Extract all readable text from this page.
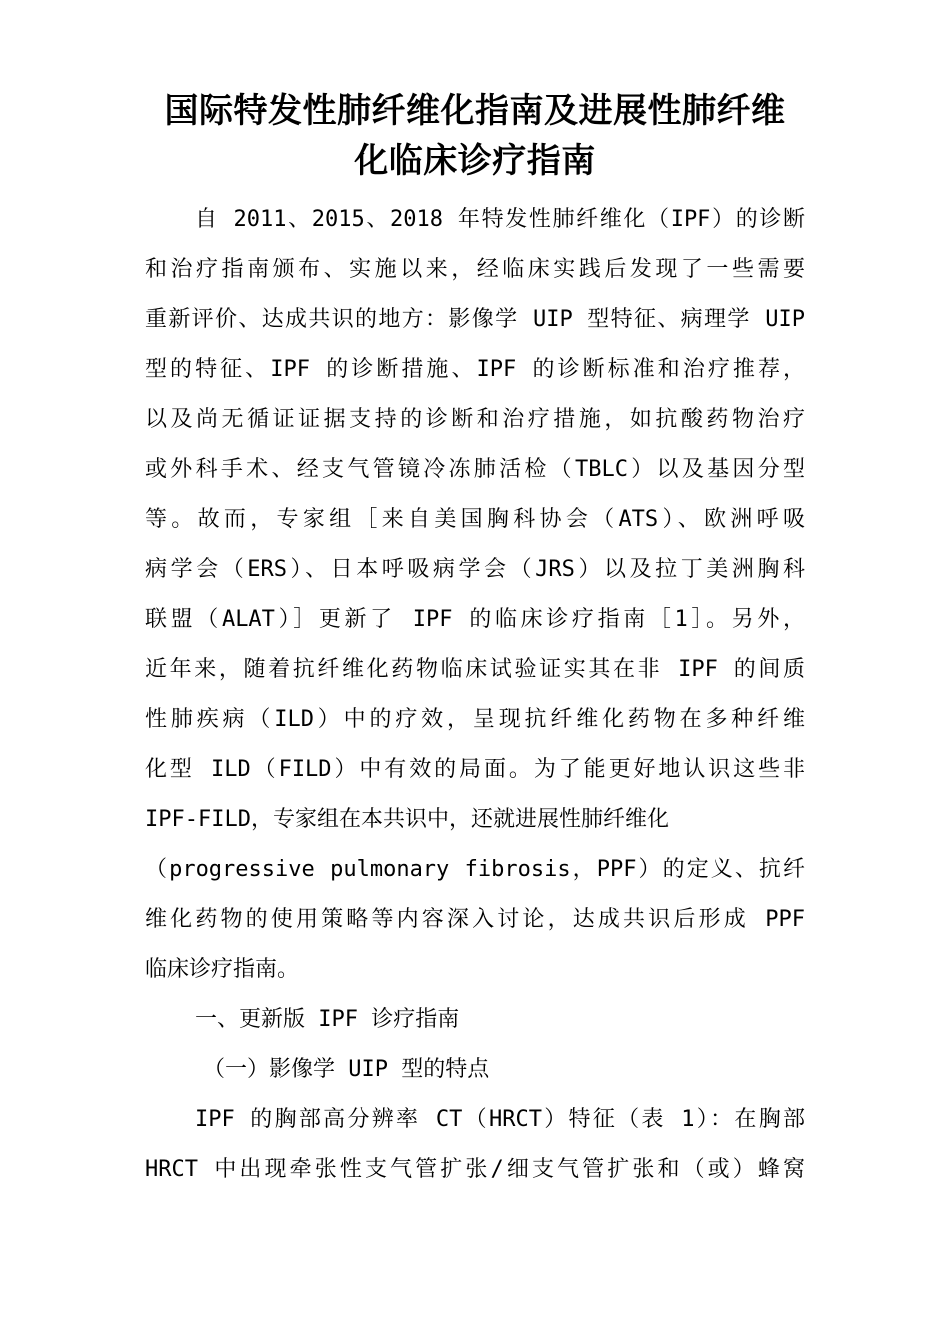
国际特发性肺纤维化指南及进展性肺纤维
化临床诊疗指南
自 2011、2015、2018 年特发性肺纤维化（IPF）的诊断
和治疗指南颁布、实施以来，经临床实践后发现了一些需要
重新评价、达成共识的地方：影像学 UIP 型特征、病理学 UIP
型的特征、IPF 的诊断措施、IPF 的诊断标准和治疗推荐，
以及尚无循证证据支持的诊断和治疗措施，如抗酸药物治疗
或外科手术、经支气管镜冷冻肺活检（TBLC）以及基因分型
等。故而，专家组［来自美国胸科协会（ATS）、欧洲呼吸
病学会（ERS）、日本呼吸病学会（JRS）以及拉丁美洲胸科
联盟（ALAT）］更新了 IPF 的临床诊疗指南［1］。另外，
近年来，随着抗纤维化药物临床试验证实其在非 IPF 的间质
性肺疾病（ILD）中的疗效，呈现抗纤维化药物在多种纤维
化型 ILD（FILD）中有效的局面。为了能更好地认识这些非
IPF-FILD，专家组在本共识中，还就进展性肺纤维化
（progressive pulmonary fibrosis，PPF）的定义、抗纤
维化药物的使用策略等内容深入讨论，达成共识后形成 PPF
临床诊疗指南。
一、更新版 IPF 诊疗指南
（一）影像学 UIP 型的特点
IPF 的胸部高分辨率 CT（HRCT）特征（表 1）：在胸部
HRCT 中出现牵张性支气管扩张/细支气管扩张和（或）蜂窝
